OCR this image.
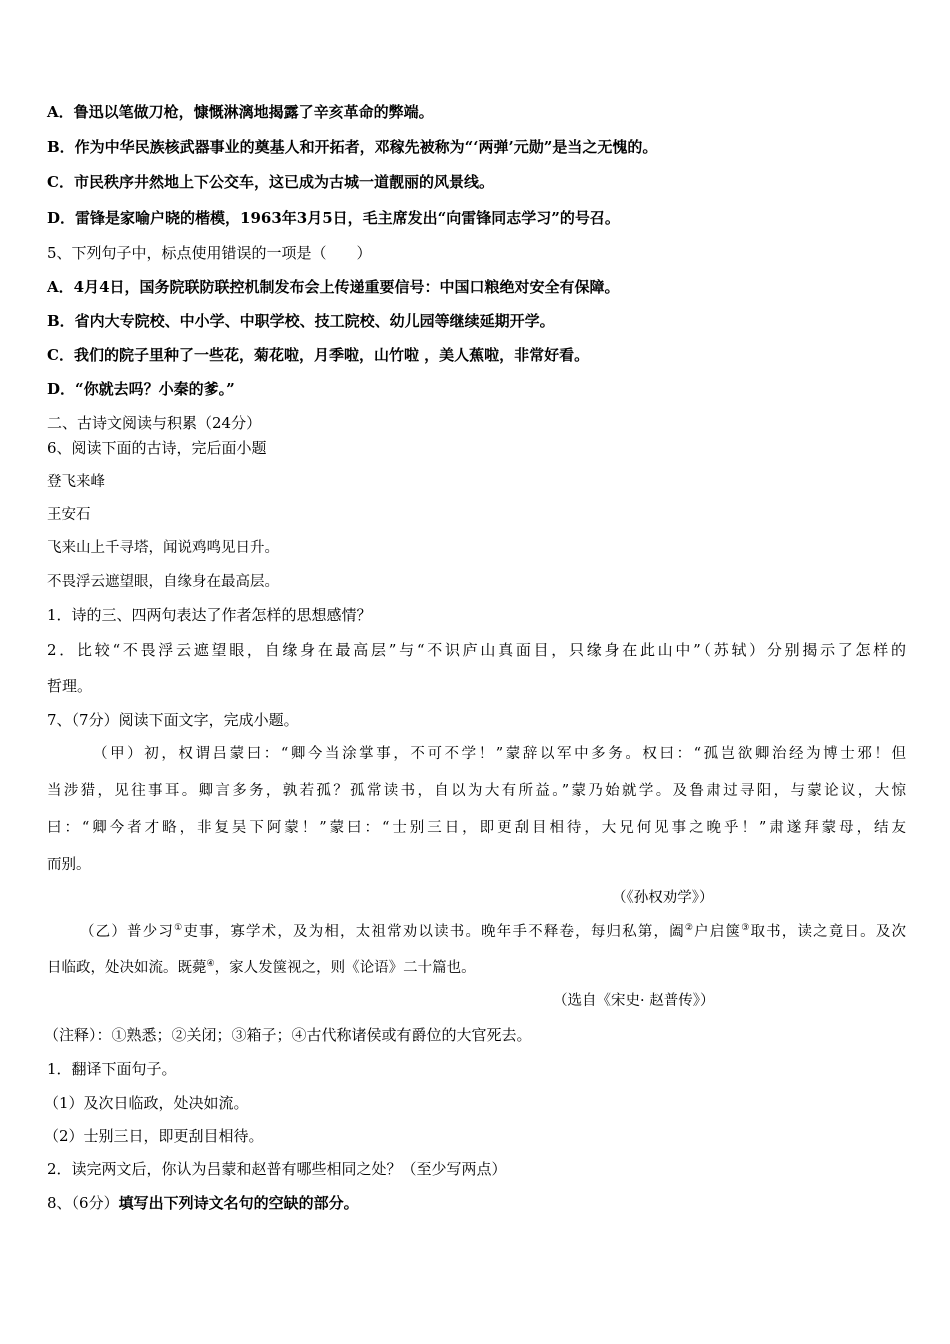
A．鲁迅以笔做刀枪，慷慨淋漓地揭露了辛亥革命的弊端。
B．作为中华民族核武器事业的奠基人和开拓者，邓稼先被称为“‘两弹’元勋”是当之无愧的。
C．市民秩序井然地上下公交车，这已成为古城一道靓丽的风景线。
D．雷锋是家喻户晓的楷模，1963年3月5日，毛主席发出“向雷锋同志学习”的号召。
5、下列句子中，标点使用错误的一项是（　　）
A．4月4日，国务院联防联控机制发布会上传递重要信号：中国口粮绝对安全有保障。
B．省内大专院校、中小学、中职学校、技工院校、幼儿园等继续延期开学。
C．我们的院子里种了一些花，菊花啦，月季啦，山竹啦 ，美人蕉啦，非常好看。
D．“你就去吗？小秦的爹。”
二、古诗文阅读与积累（24分）
6、阅读下面的古诗，完后面小题
登飞来峰
王安石
飞来山上千寻塔，闻说鸡鸣见日升。
不畏浮云遮望眼，自缘身在最高层。
1．诗的三、四两句表达了作者怎样的思想感情？
2．比较“不畏浮云遮望眼，自缘身在最高层”与“不识庐山真面目，只缘身在此山中”（苏轼）分别揭示了怎样的
哲理。
7、（7分）阅读下面文字，完成小题。
（甲）初，权谓吕蒙曰：“卿今当涂掌事，不可不学！”蒙辞以军中多务。权曰：“孤岂欲卿治经为博士邪！但
当涉猎，见往事耳。卿言多务，孰若孤？孤常读书，自以为大有所益。”蒙乃始就学。及鲁肃过寻阳，与蒙论议，大惊
曰：“卿今者才略，非复吴下阿蒙！”蒙曰：“士别三日，即更刮目相待，大兄何见事之晚乎！”肃遂拜蒙母，结友
而别。
（《孙权劝学》）
（乙）普少习①吏事，寡学术，及为相，太祖常劝以读书。晚年手不释卷，每归私第，阖②户启箧③取书，读之竟日。及次
日临政，处决如流。既薨④，家人发箧视之，则《论语》二十篇也。
（选自《宋史· 赵普传》）
（注释）：①熟悉；②关闭；③箱子；④古代称诸侯或有爵位的大官死去。
1．翻译下面句子。
（1）及次日临政，处决如流。
（2）士别三日，即更刮目相待。
2．读完两文后，你认为吕蒙和赵普有哪些相同之处？（至少写两点）
8、（6分）填写出下列诗文名句的空缺的部分。
